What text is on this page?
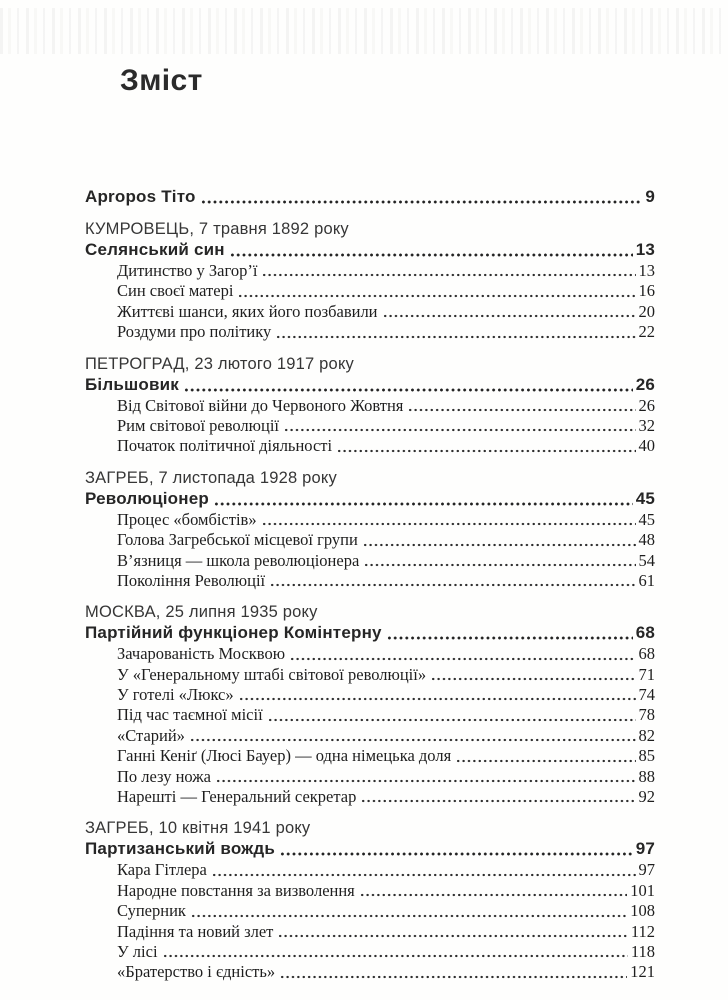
Зміст
Apropos Тіто	9
КУМРОВЕЦЬ, 7 травня 1892 року
Селянський син	13
Дитинство у Загор’ї	13
Син своєї матері	16
Життєві шанси, яких його позбавили	20
Роздуми про політику	22
ПЕТРОГРАД, 23 лютого 1917 року
Більшовик	26
Від Світової війни до Червоного Жовтня	26
Рим світової революції	32
Початок політичної діяльності	40
ЗАГРЕБ, 7 листопада 1928 року
Революціонер	45
Процес «бомбістів»	45
Голова Загребської місцевої групи	48
В’язниця — школа революціонера	54
Покоління Революції	61
МОСКВА, 25 липня 1935 року
Партійний функціонер Комінтерну	68
Зачарованість Москвою	68
У «Генеральному штабі світової революції»	71
У готелі «Люкс»	74
Під час таємної місії	78
«Старий»	82
Ганні Кеніґ (Люсі Бауер) — одна німецька доля	85
По лезу ножа	88
Нарешті — Генеральний секретар	92
ЗАГРЕБ, 10 квітня 1941 року
Партизанський вождь	97
Кара Гітлера	97
Народне повстання за визволення	101
Суперник	108
Падіння та новий злет	112
У лісі	118
«Братерство і єдність»	121
